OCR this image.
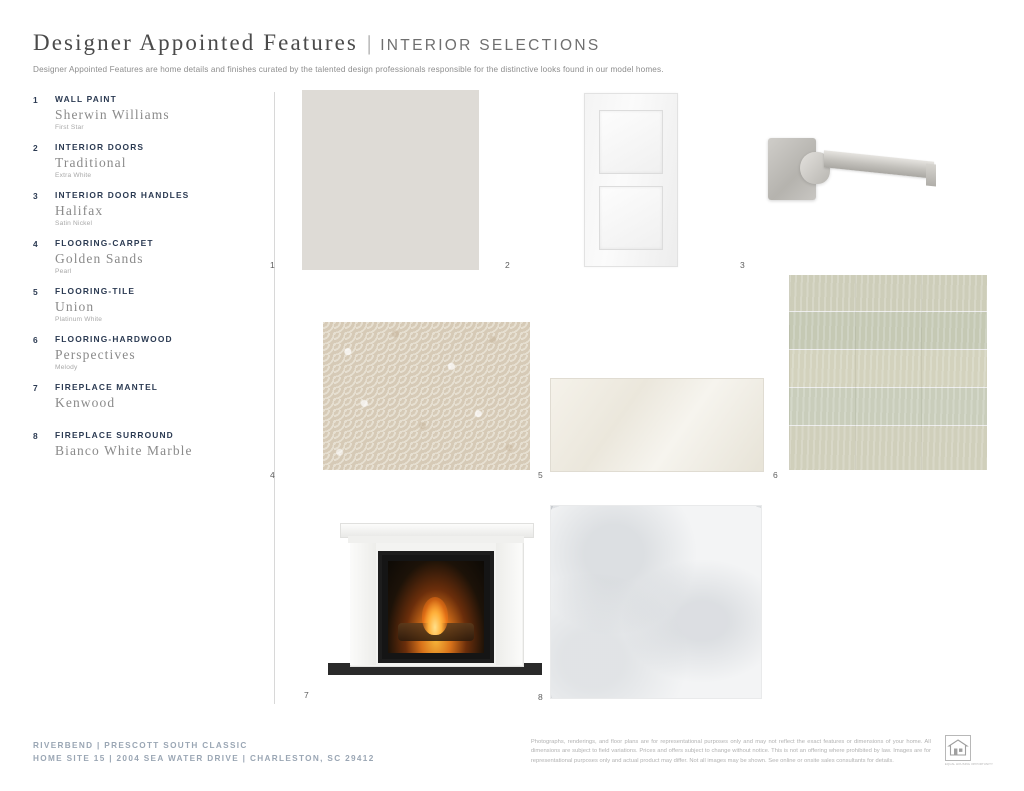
Designer Appointed Features | INTERIOR SELECTIONS
Designer Appointed Features are home details and finishes curated by the talented design professionals responsible for the distinctive looks found in our model homes.
1 WALL PAINT
Sherwin Williams
First Star
2 INTERIOR DOORS
Traditional
Extra White
3 INTERIOR DOOR HANDLES
Halifax
Satin Nickel
4 FLOORING-CARPET
Golden Sands
Pearl
5 FLOORING-TILE
Union
Platinum White
6 FLOORING-HARDWOOD
Perspectives
Melody
7 FIREPLACE MANTEL
Kenwood
8 FIREPLACE SURROUND
Bianco White Marble
1	2	3
4	5	6
7	8
RIVERBEND | PRESCOTT SOUTH CLASSIC
HOME SITE 15 | 2004 SEA WATER DRIVE | CHARLESTON, SC 29412
Photographs, renderings, and floor plans are for representational purposes only and may not reflect the exact features or dimensions of your home. All dimensions are subject to field variations. Prices and offers subject to change without notice. This is not an offering where prohibited by law. Images are for representational purposes only and actual product may differ. Not all images may be shown. See online or onsite sales consultants for details.
EQUAL HOUSING OPPORTUNITY
